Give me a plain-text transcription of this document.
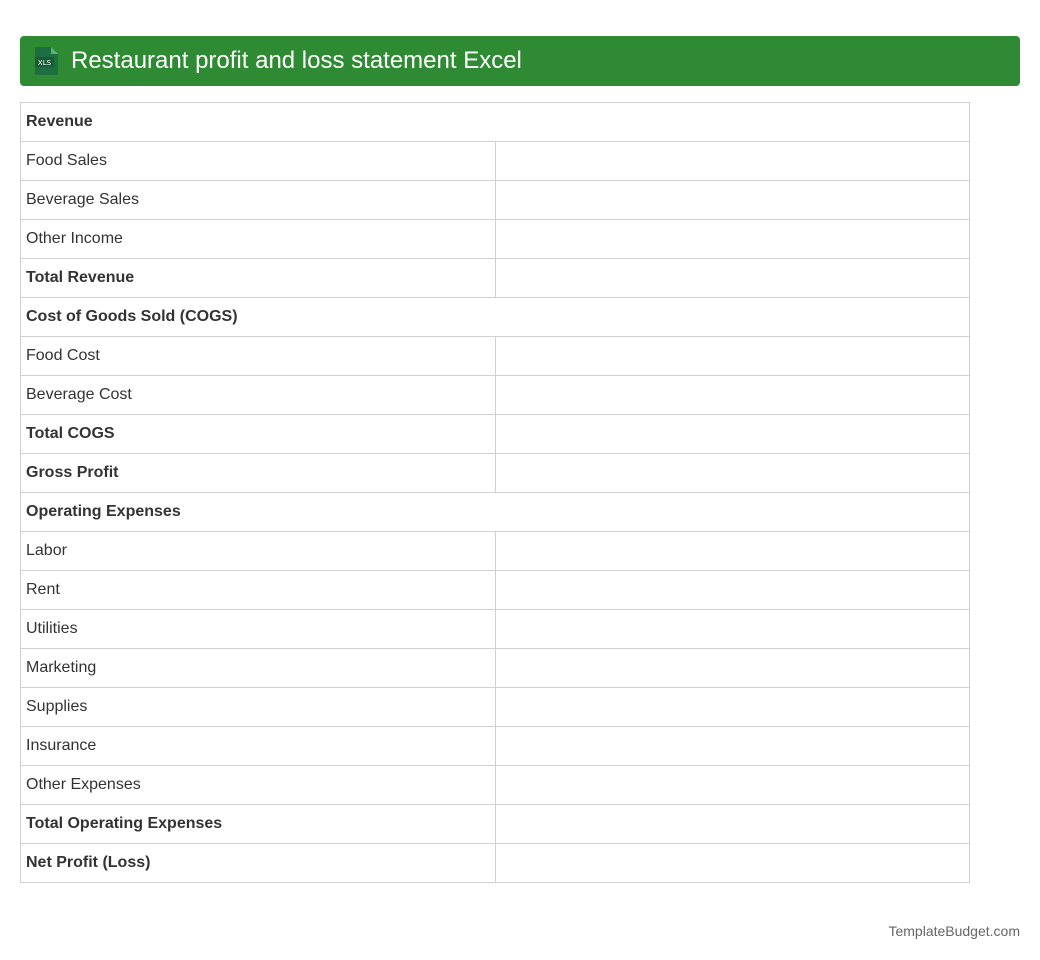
XLS Restaurant profit and loss statement Excel
Revenue	
Food Sales	
Beverage Sales	
Other Income	
Total Revenue	
Cost of Goods Sold (COGS)	
Food Cost	
Beverage Cost	
Total COGS	
Gross Profit	
Operating Expenses	
Labor	
Rent	
Utilities	
Marketing	
Supplies	
Insurance	
Other Expenses	
Total Operating Expenses	
Net Profit (Loss)	
TemplateBudget.com
